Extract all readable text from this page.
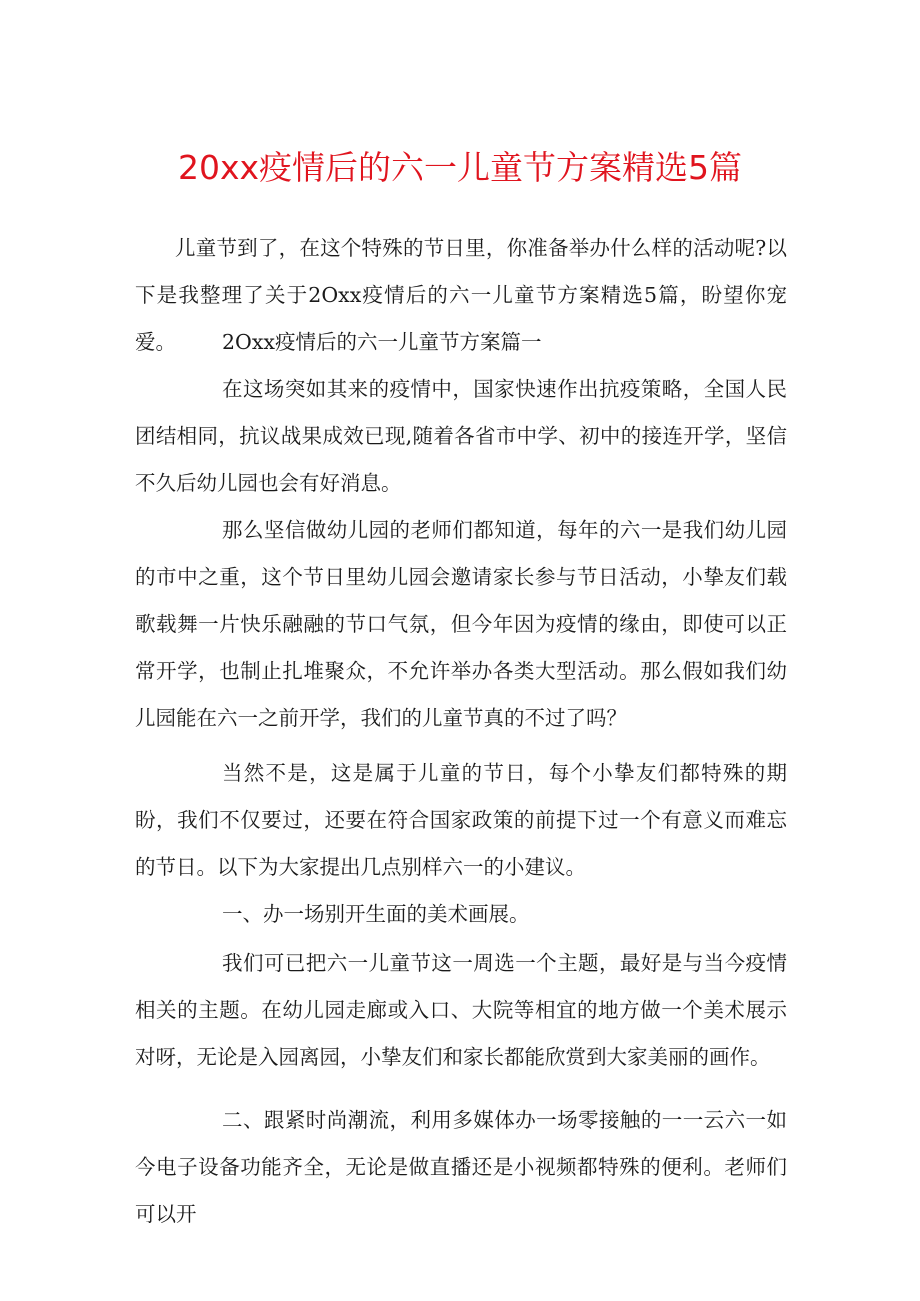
20xx疫情后的六一儿童节方案精选5篇

儿童节到了，在这个特殊的节日里，你准备举办什么样的活动呢?以下是我整理了关于2Oxx疫情后的六一儿童节方案精选5篇，盼望你宠爱。	2Oxx疫情后的六一儿童节方案篇一

在这场突如其来的疫情中，国家快速作出抗疫策略，全国人民团结相同，抗议战果成效已现,随着各省市中学、初中的接连开学，坚信不久后幼儿园也会有好消息。

那么坚信做幼儿园的老师们都知道，每年的六一是我们幼儿园的市中之重，这个节日里幼儿园会邀请家长参与节日活动，小挚友们载歌载舞一片快乐融融的节口气氛，但今年因为疫情的缘由，即使可以正常开学，也制止扎堆聚众，不允许举办各类大型活动。那么假如我们幼儿园能在六一之前开学，我们的儿童节真的不过了吗？

当然不是，这是属于儿童的节日，每个小挚友们都特殊的期盼，我们不仅要过，还要在符合国家政策的前提下过一个有意义而难忘的节日。以下为大家提出几点别样六一的小建议。

一、办一场别开生面的美术画展。

我们可已把六一儿童节这一周选一个主题，最好是与当今疫情相关的主题。在幼儿园走廊或入口、大院等相宜的地方做一个美术展示对呀，无论是入园离园，小挚友们和家长都能欣赏到大家美丽的画作。

二、跟紧时尚潮流，利用多媒体办一场零接触的一一云六一如今电子设备功能齐全，无论是做直播还是小视频都特殊的便利。老师们可以开
